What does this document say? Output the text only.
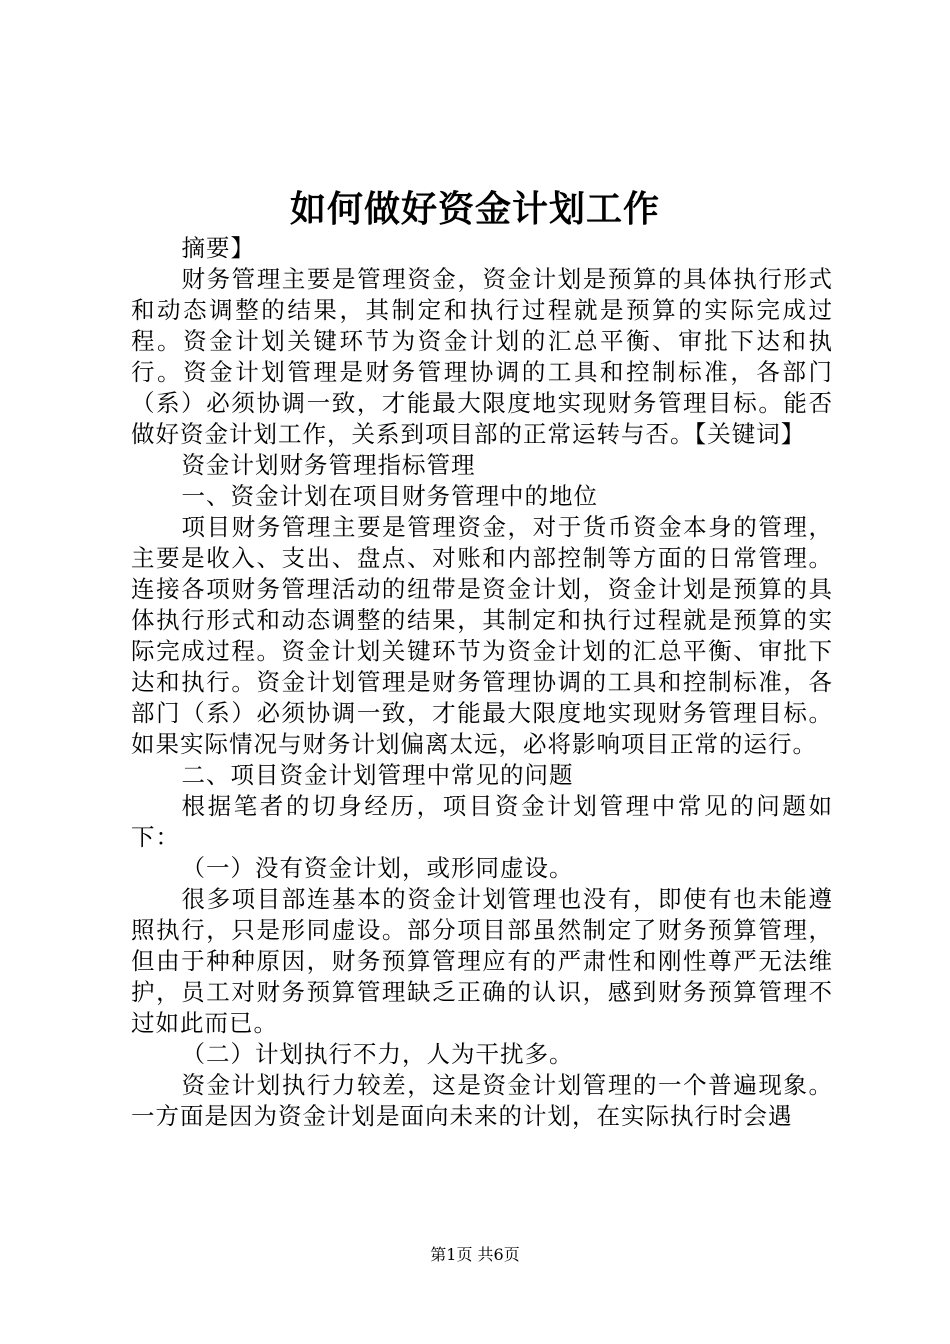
如何做好资金计划工作

摘要】

财务管理主要是管理资金，资金计划是预算的具体执行形式和动态调整的结果，其制定和执行过程就是预算的实际完成过程。资金计划关键环节为资金计划的汇总平衡、审批下达和执行。资金计划管理是财务管理协调的工具和控制标准，各部门（系）必须协调一致，才能最大限度地实现财务管理目标。能否做好资金计划工作，关系到项目部的正常运转与否。【关键词】

资金计划财务管理指标管理

一、资金计划在项目财务管理中的地位

项目财务管理主要是管理资金，对于货币资金本身的管理，主要是收入、支出、盘点、对账和内部控制等方面的日常管理。连接各项财务管理活动的纽带是资金计划，资金计划是预算的具体执行形式和动态调整的结果，其制定和执行过程就是预算的实际完成过程。资金计划关键环节为资金计划的汇总平衡、审批下达和执行。资金计划管理是财务管理协调的工具和控制标准，各部门（系）必须协调一致，才能最大限度地实现财务管理目标。如果实际情况与财务计划偏离太远，必将影响项目正常的运行。

二、项目资金计划管理中常见的问题

根据笔者的切身经历，项目资金计划管理中常见的问题如下：

（一）没有资金计划，或形同虚设。

很多项目部连基本的资金计划管理也没有，即使有也未能遵照执行，只是形同虚设。部分项目部虽然制定了财务预算管理，但由于种种原因，财务预算管理应有的严肃性和刚性尊严无法维护，员工对财务预算管理缺乏正确的认识，感到财务预算管理不过如此而已。

（二）计划执行不力，人为干扰多。

资金计划执行力较差，这是资金计划管理的一个普遍现象。一方面是因为资金计划是面向未来的计划，在实际执行时会遇

第1页 共6页
